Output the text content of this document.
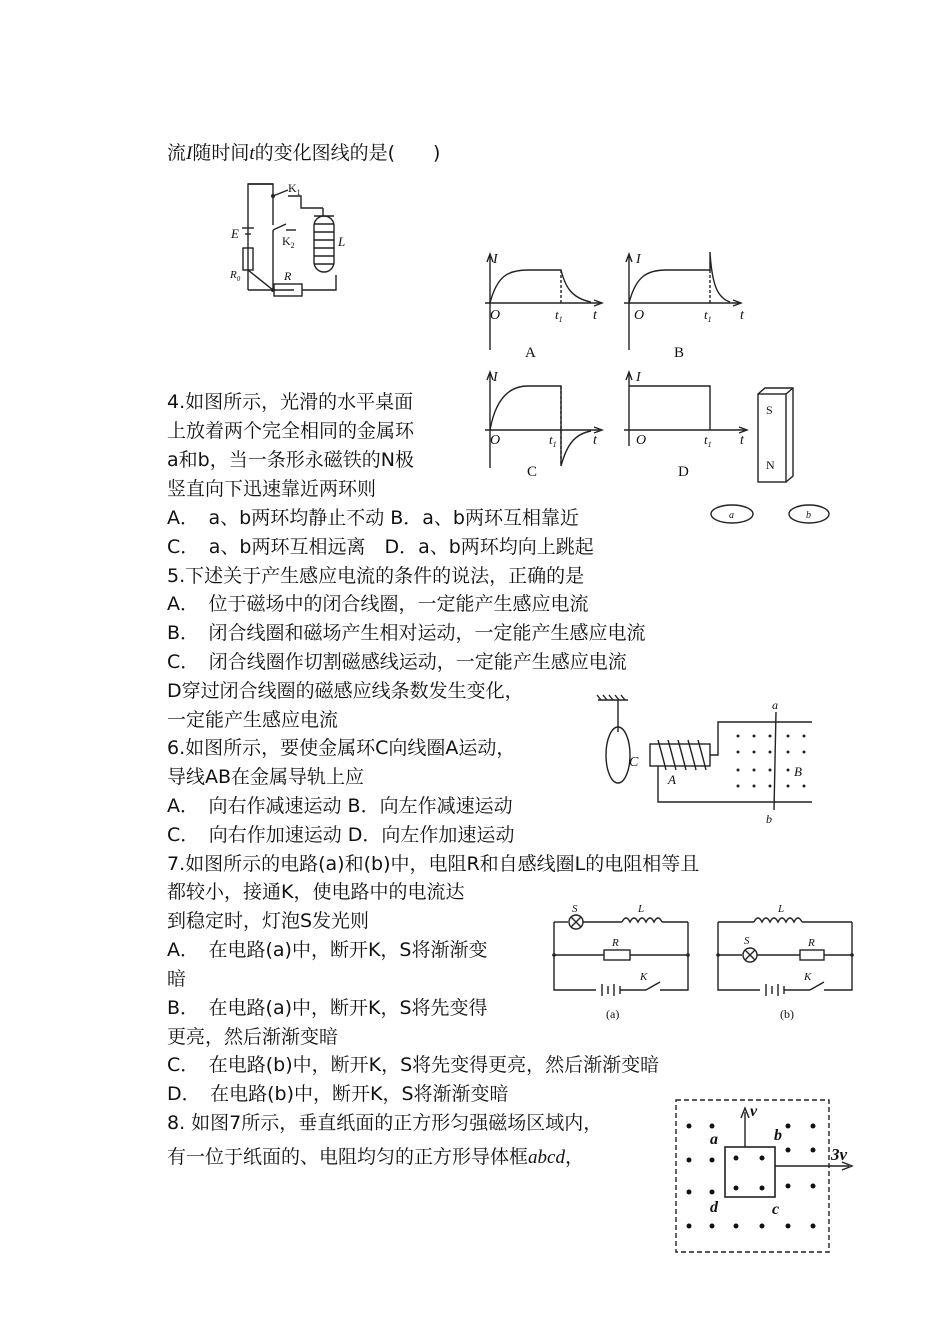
流I随时间t的变化图线的是(　　)
4.如图所示，光滑的水平桌面
上放着两个完全相同的金属环
a和b，当一条形永磁铁的N极
竖直向下迅速靠近两环则
A．　a、b两环均静止不动 B．a、b两环互相靠近
C．　a、b两环互相远离　D．a、b两环均向上跳起
5.下述关于产生感应电流的条件的说法，正确的是
A．　位于磁场中的闭合线圈，一定能产生感应电流
B．　闭合线圈和磁场产生相对运动，一定能产生感应电流
C．　闭合线圈作切割磁感线运动，一定能产生感应电流
D穿过闭合线圈的磁感应线条数发生变化，
一定能产生感应电流
6.如图所示，要使金属环C向线圈A运动，
导线AB在金属导轨上应
A．　向右作减速运动 B．向左作减速运动
C．　向右作加速运动 D．向左作加速运动
7.如图所示的电路(a)和(b)中，电阻R和自感线圈L的电阻相等且
都较小，接通K，使电路中的电流达
到稳定时，灯泡S发光则
A．　在电路(a)中，断开K，S将渐渐变
暗
B．　在电路(a)中，断开K，S将先变得
更亮，然后渐渐变暗
C．　在电路(b)中，断开K，S将先变得更亮，然后渐渐变暗
D．　在电路(b)中，断开K，S将渐渐变暗
8. 如图7所示，垂直纸面的正方形匀强磁场区域内，
有一位于纸面的、电阻均匀的正方形导体框abcd，
$K_1$
$K_2$
E
L
$R_0$	R
I
O	$t_1$ t
A
I
O	$t_1$ t
B
I
O	$t_1$	t
C
I
O	$t_1$ t
D
S
N
a	b
a
b
C
A
B
S	L
R
K
(a)
S
L
R
K
(b)
v
3v
a	b
c
d
